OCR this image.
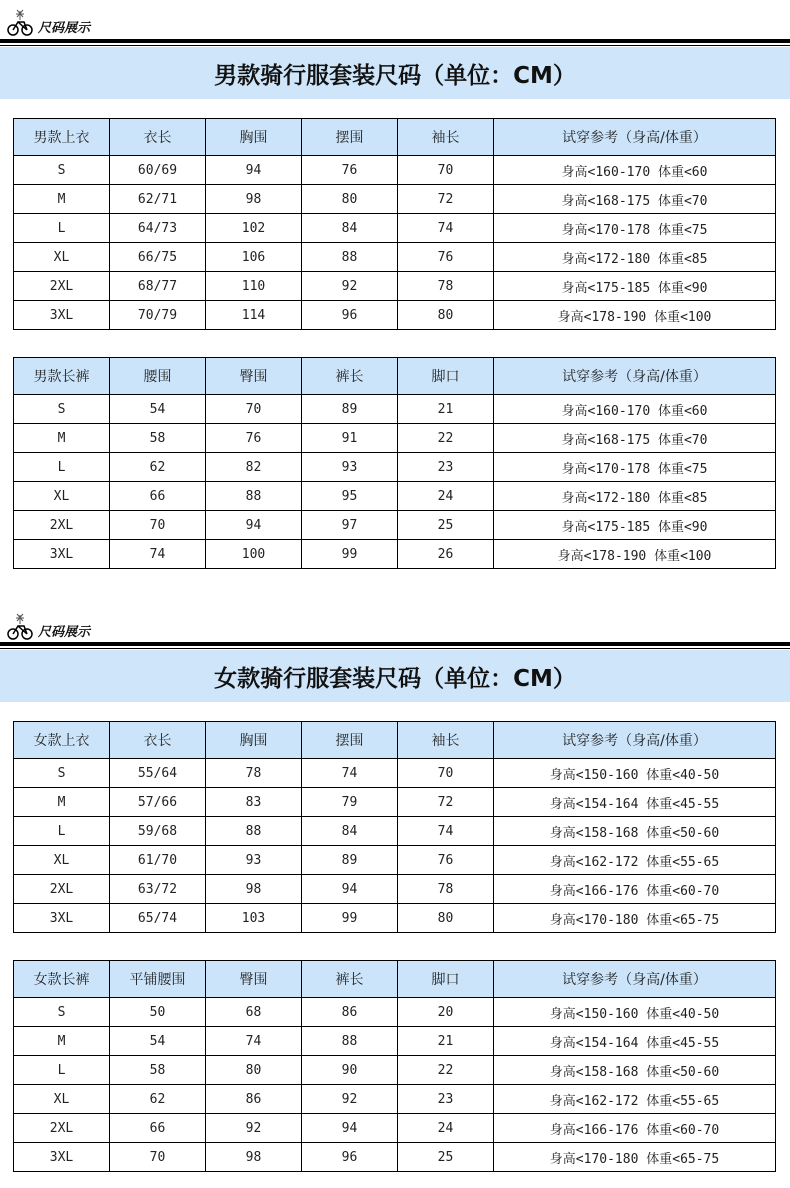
尺码展示
男款骑行服套装尺码（单位：CM）
尺码展示
女款骑行服套装尺码（单位：CM）
男款上衣	衣长	胸围	摆围	袖长	试穿参考（身高/体重）
S	60/69	94	76	70	身高<160-170 体重<60
M	62/71	98	80	72	身高<168-175 体重<70
L	64/73	102	84	74	身高<170-178 体重<75
XL	66/75	106	88	76	身高<172-180 体重<85
2XL	68/77	110	92	78	身高<175-185 体重<90
3XL	70/79	114	96	80	身高<178-190 体重<100
男款长裤	腰围	臀围	裤长	脚口	试穿参考（身高/体重）
S	54	70	89	21	身高<160-170 体重<60
M	58	76	91	22	身高<168-175 体重<70
L	62	82	93	23	身高<170-178 体重<75
XL	66	88	95	24	身高<172-180 体重<85
2XL	70	94	97	25	身高<175-185 体重<90
3XL	74	100	99	26	身高<178-190 体重<100
女款上衣	衣长	胸围	摆围	袖长	试穿参考（身高/体重）
S	55/64	78	74	70	身高<150-160 体重<40-50
M	57/66	83	79	72	身高<154-164 体重<45-55
L	59/68	88	84	74	身高<158-168 体重<50-60
XL	61/70	93	89	76	身高<162-172 体重<55-65
2XL	63/72	98	94	78	身高<166-176 体重<60-70
3XL	65/74	103	99	80	身高<170-180 体重<65-75
女款长裤	平铺腰围	臀围	裤长	脚口	试穿参考（身高/体重）
S	50	68	86	20	身高<150-160 体重<40-50
M	54	74	88	21	身高<154-164 体重<45-55
L	58	80	90	22	身高<158-168 体重<50-60
XL	62	86	92	23	身高<162-172 体重<55-65
2XL	66	92	94	24	身高<166-176 体重<60-70
3XL	70	98	96	25	身高<170-180 体重<65-75
